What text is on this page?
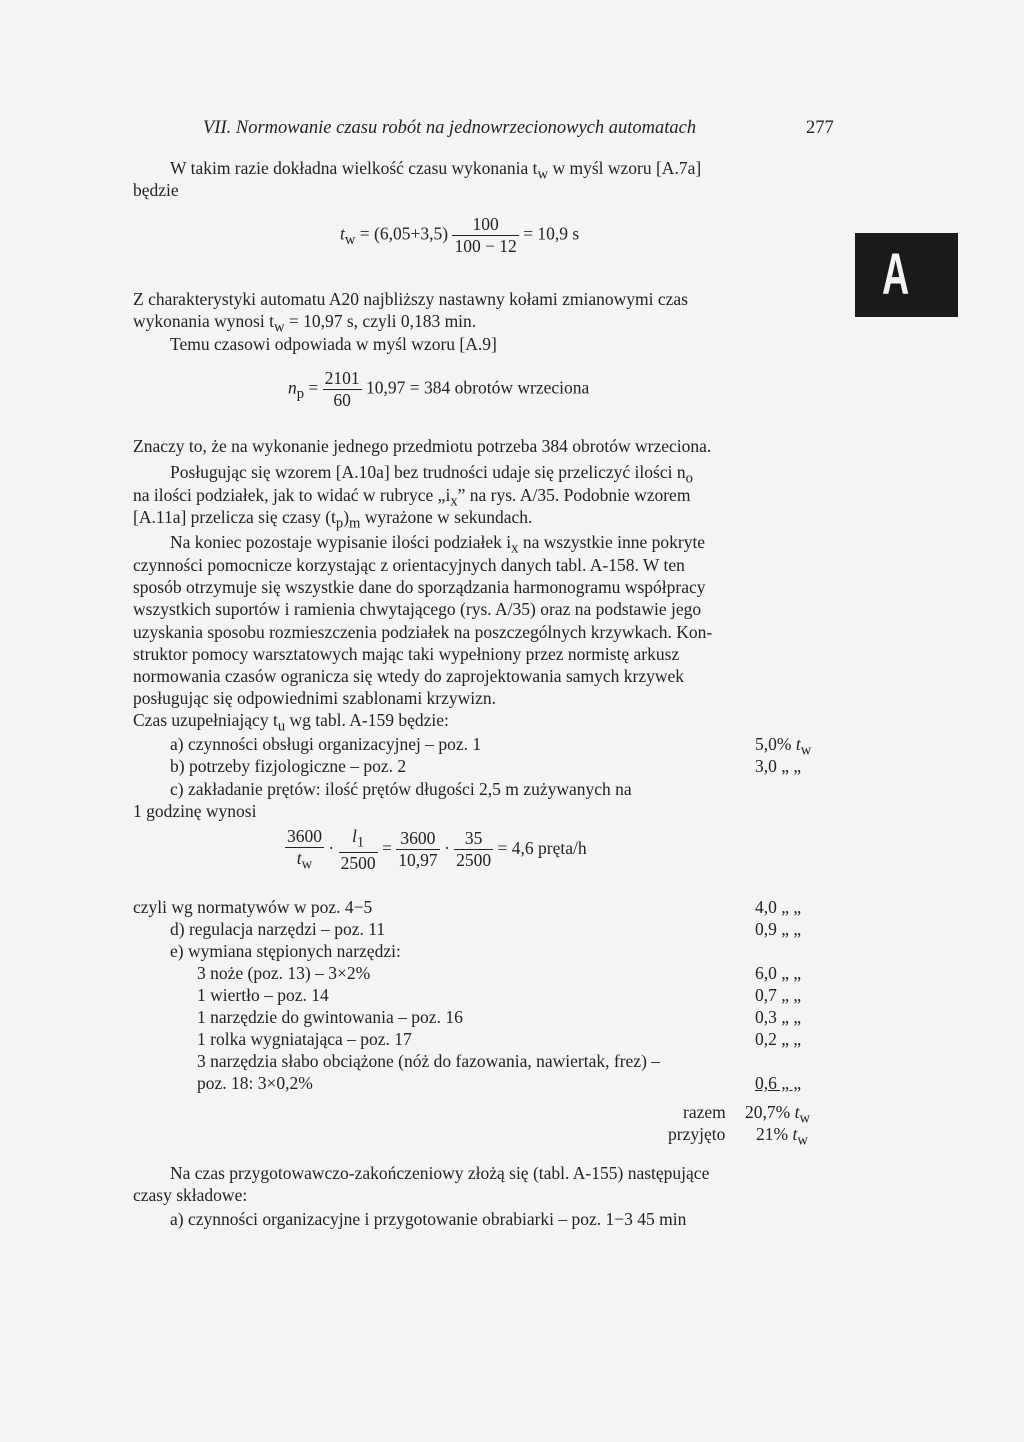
VII. Normowanie czasu robót na jednowrzecionowych automatach	277
A
W takim razie dokładna wielkość czasu wykonania $t_w$ w myśl wzoru [A.7a]
będzie
$t_w = (6,05+3,5) \frac{100}{100 - 12} = 10,9$ s
Z charakterystyki automatu A20 najbliższy nastawny kołami zmianowymi czas
wykonania wynosi $t_w = 10,97$ s, czyli 0,183 min.
Temu czasowi odpowiada w myśl wzoru [A.9]
$n_p = \frac{2101}{60} 10,97 = 384$ obrotów wrzeciona
Znaczy to, że na wykonanie jednego przedmiotu potrzeba 384 obrotów wrzeciona.
Posługując się wzorem [A.10a] bez trudności udaje się przeliczyć ilości $n_o$
na ilości podziałek, jak to widać w rubryce $„i_x$” na rys. A/35. Podobnie wzorem
[A.11a] przelicza się czasy $(t_p)_m$ wyrażone w sekundach.
Na koniec pozostaje wypisanie ilości podziałek $i_x$ na wszystkie inne pokryte
czynności pomocnicze korzystając z orientacyjnych danych tabl. A-158. W ten
sposób otrzymuje się wszystkie dane do sporządzania harmonogramu współpracy
wszystkich suportów i ramienia chwytającego (rys. A/35) oraz na podstawie jego
uzyskania sposobu rozmieszczenia podziałek na poszczególnych krzywkach. Kon-
struktor pomocy warsztatowych mając taki wypełniony przez normistę arkusz
normowania czasów ogranicza się wtedy do zaprojektowania samych krzywek
posługując się odpowiednimi szablonami krzywizn.
Czas uzupełniający $t_u$ wg tabl. A-159 będzie:
a) czynności obsługi organizacyjnej – poz. 1	5,0% $t_w$
b) potrzeby fizjologiczne – poz. 2	3,0 „ „
c) zakładanie prętów: ilość prętów długości 2,5 m zużywanych na
1 godzinę wynosi
$\frac{3600}{t_w} \cdot \frac{l_1}{2500} = \frac{3600}{10,97} \cdot \frac{35}{2500} = 4,6$ pręta/h
czyli wg normatywów w poz. 4−5	4,0 „ „
d) regulacja narzędzi – poz. 11	0,9 „ „
e) wymiana stępionych narzędzi:
3 noże (poz. 13) – 3×2%	6,0 „ „
1 wiertło – poz. 14	0,7 „ „
1 narzędzie do gwintowania – poz. 16	0,3 „ „
1 rolka wygniatająca – poz. 17	0,2 „ „
3 narzędzia słabo obciążone (nóż do fazowania, nawiertak, frez) –
poz. 18: 3×0,2%	0,6 „ „
razem 20,7% $t_w$
przyjęto 21% $t_w$
Na czas przygotowawczo-zakończeniowy złożą się (tabl. A-155) następujące
czasy składowe:
a) czynności organizacyjne i przygotowanie obrabiarki – poz. 1−3 45 min
